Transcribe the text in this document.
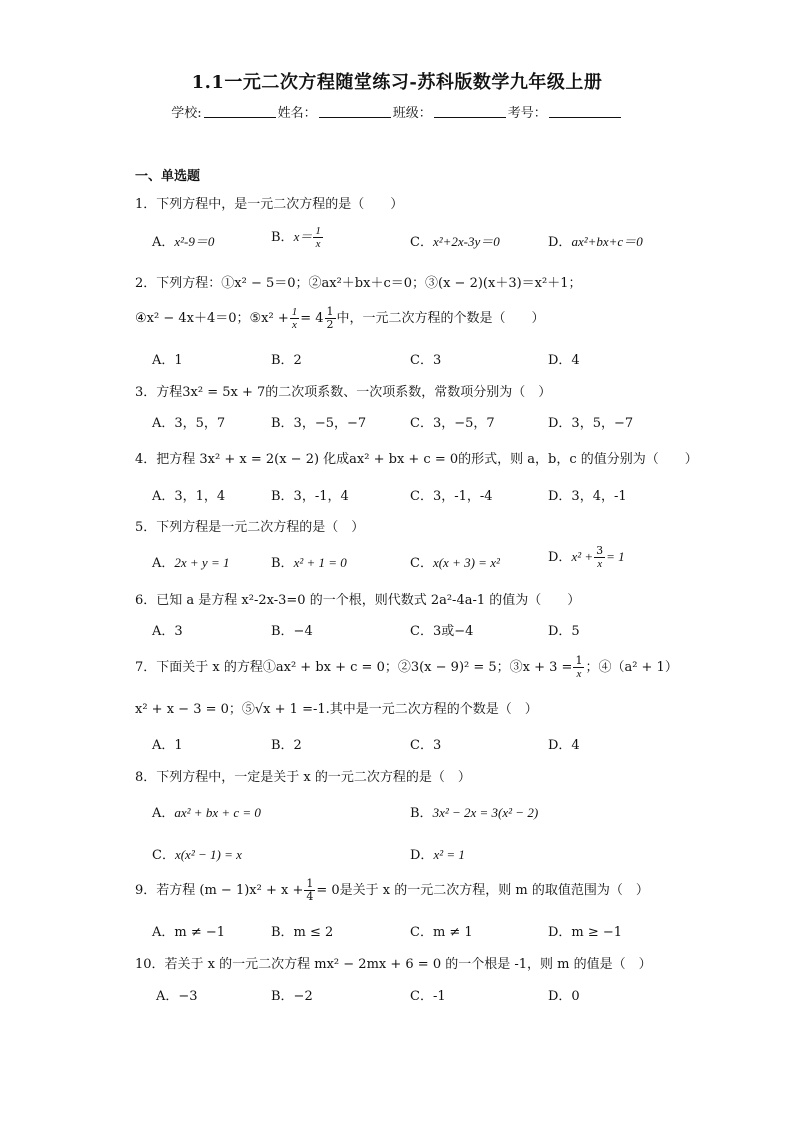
1.1一元二次方程随堂练习-苏科版数学九年级上册
学校:	姓名：	班级：	考号：
一、单选题
1．下列方程中，是一元二次方程的是（　　）
A．x²-9＝0	B．$x= \frac{1}{x}$	C．x²+2x-3y＝0	D．ax²+bx+c＝0
2．下列方程：①x² − 5＝0；②ax²＋bx＋c＝0；③(x − 2)(x＋3)＝x²＋1；
④x² − 4x＋4＝0；⑤x² + $\frac{1}{x} = 4 \frac{1}{2}$ 中，一元二次方程的个数是（　　）
A．1	B．2	C．3	D．4
3．方程3x² = 5x + 7的二次项系数、一次项系数，常数项分别为（　）
A．3，5，7	B．3，−5，−7	C．3，−5，7	D．3，5，−7
4．把方程 3x² + x = 2(x − 2) 化成ax² + bx + c = 0的形式，则 a，b，c 的值分别为（　　）
A．3，1，4	B．3，-1，4	C．3，-1，-4	D．3，4，-1
5．下列方程是一元二次方程的是（　）
A．2x + y = 1	B．x² + 1 = 0	C．x(x + 3) = x²	D．$x^2 + \frac{3}{x} = 1$
6．已知 a 是方程 x²-2x-3=0 的一个根，则代数式 2a²-4a-1 的值为（　　）
A．3	B．−4	C．3或−4	D．5
7．下面关于 x 的方程①ax² + bx + c = 0；②3(x − 9)² = 5；③x + $3 = \frac{1}{x}$ ；④（a² + 1）
x² + x − 3 = 0；⑤√x + 1 =-1.其中是一元二次方程的个数是（　）
A．1	B．2	C．3	D．4
8．下列方程中，一定是关于 x 的一元二次方程的是（　）
A．ax² + bx + c = 0	B．3x² − 2x = 3(x² − 2)
C．x(x² − 1) = x	D．x² = 1
9．若方程 $(m - 1)x^2 + x + \frac{1}{4} = 0$是关于 x 的一元二次方程，则 m 的取值范围为（　）
A．m ≠ −1	B．m ≤ 2	C．m ≠ 1	D．m ≥ −1
10．若关于 x 的一元二次方程 mx² − 2mx + 6 = 0 的一个根是 -1，则 m 的值是（　）
A．−3	B．−2	C．-1	D．0
